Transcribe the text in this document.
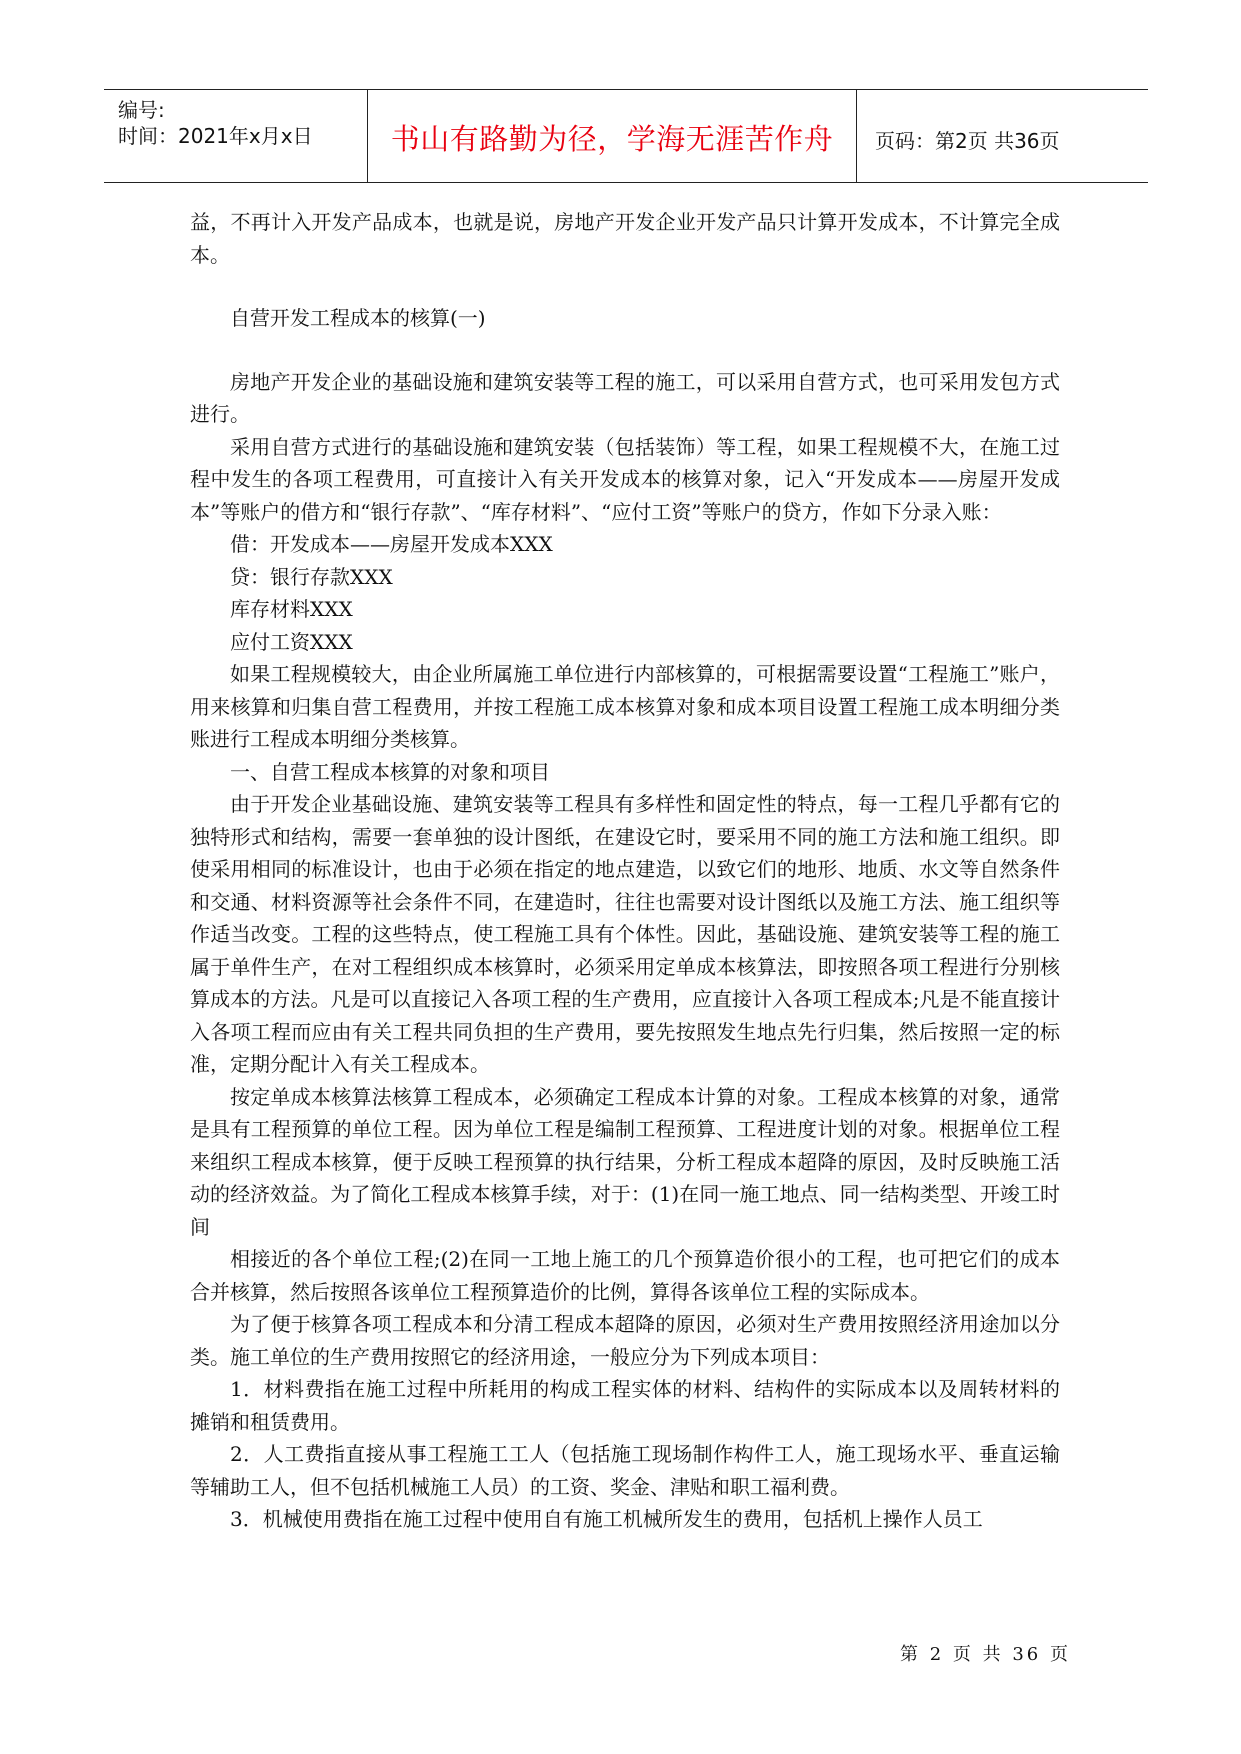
编号:
时间：2021年x月x日	书山有路勤为径，学海无涯苦作舟	页码：第2页 共36页

益，不再计入开发产品成本，也就是说，房地产开发企业开发产品只计算开发成本，不计算完全成本。

自营开发工程成本的核算(一)

房地产开发企业的基础设施和建筑安装等工程的施工，可以采用自营方式，也可采用发包方式进行。

采用自营方式进行的基础设施和建筑安装（包括装饰）等工程，如果工程规模不大，在施工过程中发生的各项工程费用，可直接计入有关开发成本的核算对象，记入“开发成本——房屋开发成本”等账户的借方和“银行存款”、“库存材料”、“应付工资”等账户的贷方，作如下分录入账：

借：开发成本——房屋开发成本XXX

贷：银行存款XXX

库存材料XXX

应付工资XXX

如果工程规模较大，由企业所属施工单位进行内部核算的，可根据需要设置“工程施工”账户，用来核算和归集自营工程费用，并按工程施工成本核算对象和成本项目设置工程施工成本明细分类账进行工程成本明细分类核算。

一、自营工程成本核算的对象和项目

由于开发企业基础设施、建筑安装等工程具有多样性和固定性的特点，每一工程几乎都有它的独特形式和结构，需要一套单独的设计图纸，在建设它时，要采用不同的施工方法和施工组织。即使采用相同的标准设计，也由于必须在指定的地点建造，以致它们的地形、地质、水文等自然条件和交通、材料资源等社会条件不同，在建造时，往往也需要对设计图纸以及施工方法、施工组织等作适当改变。工程的这些特点，使工程施工具有个体性。因此，基础设施、建筑安装等工程的施工属于单件生产，在对工程组织成本核算时，必须采用定单成本核算法，即按照各项工程进行分别核算成本的方法。凡是可以直接记入各项工程的生产费用，应直接计入各项工程成本;凡是不能直接计入各项工程而应由有关工程共同负担的生产费用，要先按照发生地点先行归集，然后按照一定的标准，定期分配计入有关工程成本。

按定单成本核算法核算工程成本，必须确定工程成本计算的对象。工程成本核算的对象，通常是具有工程预算的单位工程。因为单位工程是编制工程预算、工程进度计划的对象。根据单位工程来组织工程成本核算，便于反映工程预算的执行结果，分析工程成本超降的原因，及时反映施工活动的经济效益。为了简化工程成本核算手续，对于：(1)在同一施工地点、同一结构类型、开竣工时间

相接近的各个单位工程;(2)在同一工地上施工的几个预算造价很小的工程，也可把它们的成本合并核算，然后按照各该单位工程预算造价的比例，算得各该单位工程的实际成本。

为了便于核算各项工程成本和分清工程成本超降的原因，必须对生产费用按照经济用途加以分类。施工单位的生产费用按照它的经济用途，一般应分为下列成本项目：

1．材料费指在施工过程中所耗用的构成工程实体的材料、结构件的实际成本以及周转材料的摊销和租赁费用。

2．人工费指直接从事工程施工工人（包括施工现场制作构件工人，施工现场水平、垂直运输等辅助工人，但不包括机械施工人员）的工资、奖金、津贴和职工福利费。

3．机械使用费指在施工过程中使用自有施工机械所发生的费用，包括机上操作人员工

第 2 页 共 36 页
